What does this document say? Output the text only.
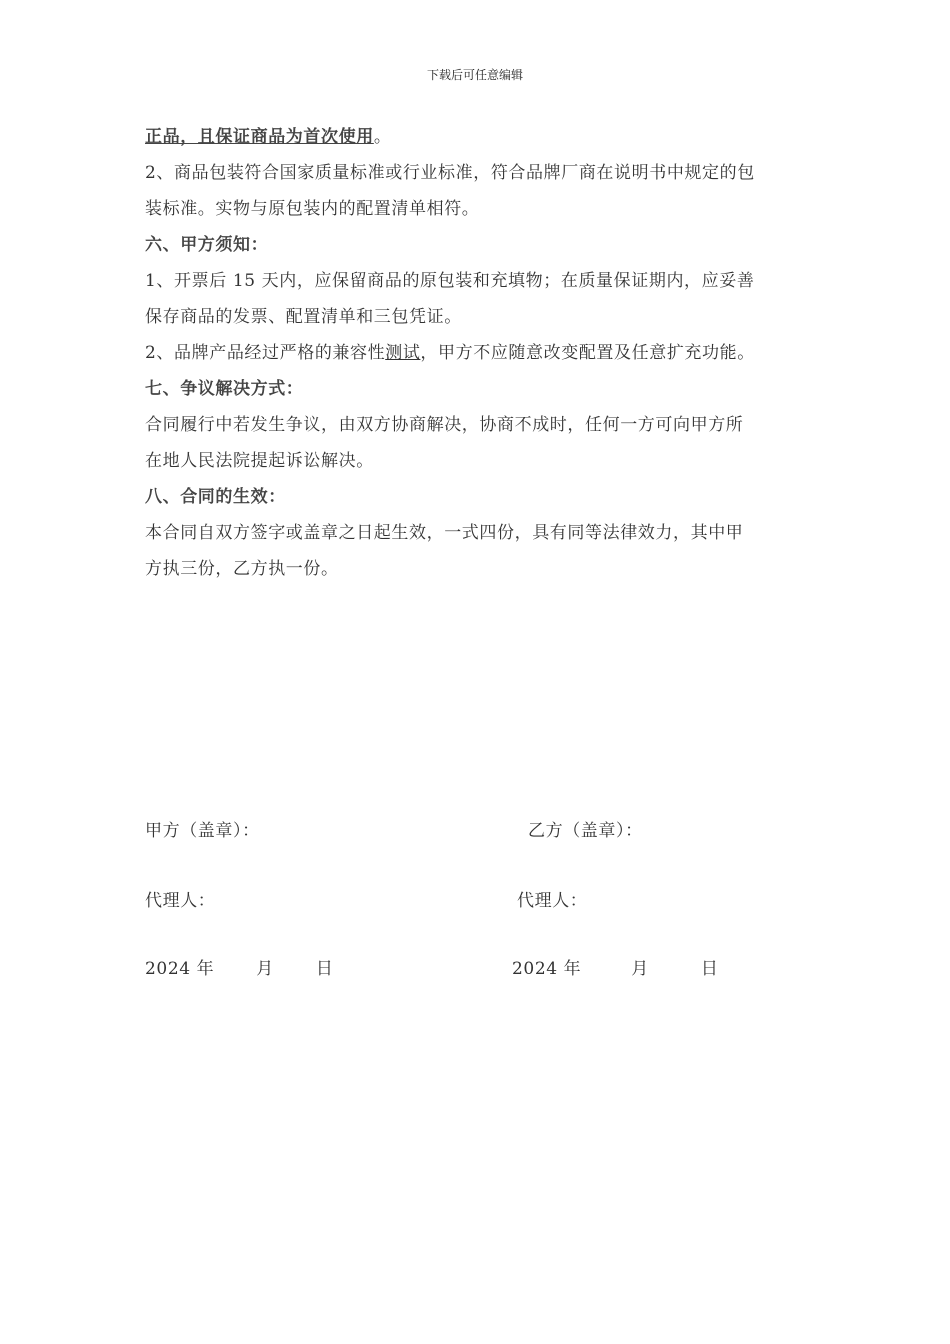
下载后可任意编辑
正品，且保证商品为首次使用。
2、商品包装符合国家质量标准或行业标准，符合品牌厂商在说明书中规定的包
装标准。实物与原包装内的配置清单相符。
六、甲方须知：
1、开票后 15 天内，应保留商品的原包装和充填物；在质量保证期内，应妥善
保存商品的发票、配置清单和三包凭证。
2、品牌产品经过严格的兼容性测试，甲方不应随意改变配置及任意扩充功能。
七、争议解决方式：
合同履行中若发生争议，由双方协商解决，协商不成时，任何一方可向甲方所
在地人民法院提起诉讼解决。
八、合同的生效：
本合同自双方签字或盖章之日起生效，一式四份，具有同等法律效力，其中甲
方执三份，乙方执一份。
甲方（盖章）：	乙方（盖章）：
代理人：	代理人：
2024 年 月 日	2024 年	月	日
